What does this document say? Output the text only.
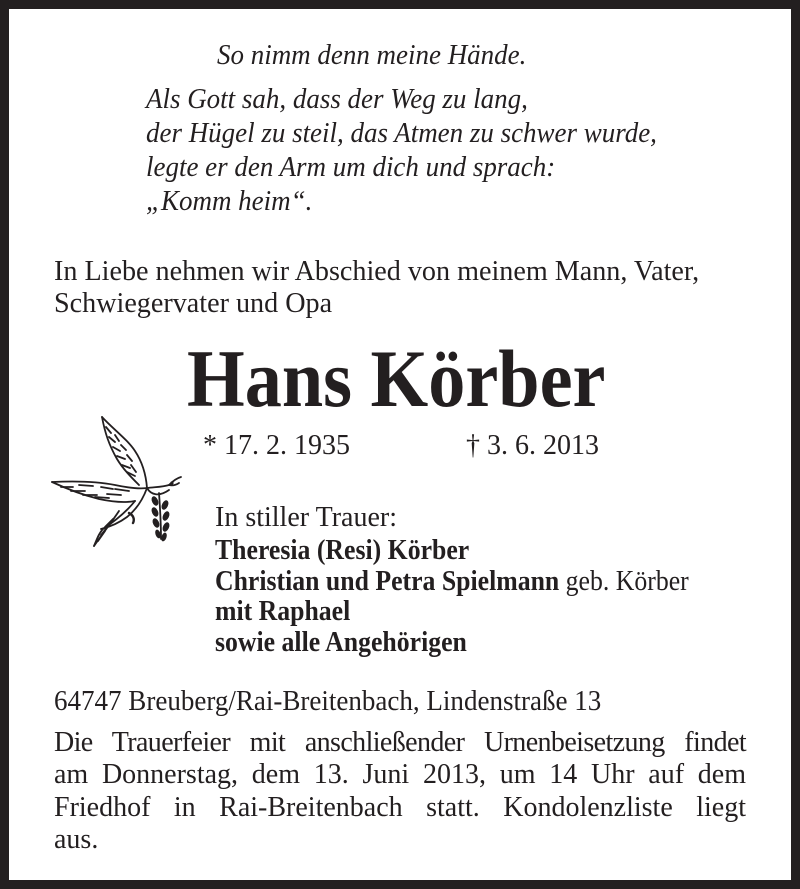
So nimm denn meine Hände.
Als Gott sah, dass der Weg zu lang,
der Hügel zu steil, das Atmen zu schwer wurde,
legte er den Arm um dich und sprach:
„Komm heim“.
In Liebe nehmen wir Abschied von meinem Mann, Vater,
Schwiegervater und Opa
Hans Körber
* 17. 2. 1935	† 3. 6. 2013
In stiller Trauer:
Theresia (Resi) Körber
Christian und Petra Spielmann geb. Körber
mit Raphael
sowie alle Angehörigen
64747 Breuberg/Rai-Breitenbach, Lindenstraße 13
Die Trauerfeier mit anschließender Urnenbeisetzung findet
am Donnerstag, dem 13. Juni 2013, um 14 Uhr auf dem
Friedhof in Rai-Breitenbach statt. Kondolenzliste liegt
aus.
